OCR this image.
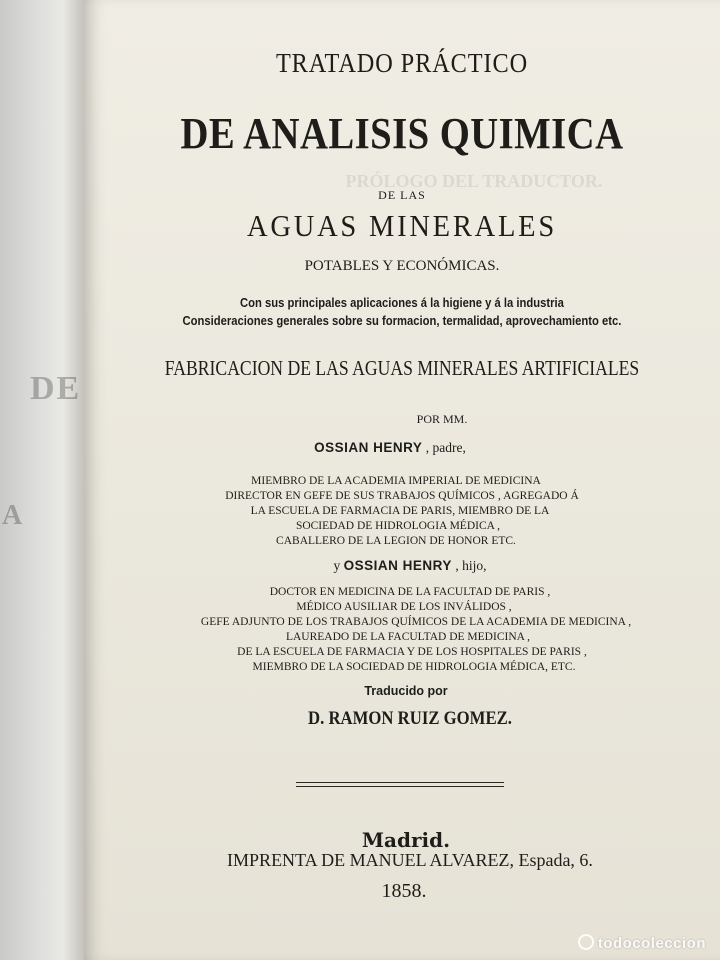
DE
A
PRÓLOGO DEL TRADUCTOR.
TRATADO PRÁCTICO
DE ANALISIS QUIMICA
DE LAS
AGUAS MINERALES
POTABLES Y ECONÓMICAS.
Con sus principales aplicaciones á la higiene y á la industria
Consideraciones generales sobre su formacion, termalidad, aprovechamiento etc.
FABRICACION DE LAS AGUAS MINERALES ARTIFICIALES
POR MM.
OSSIAN HENRY , padre,
MIEMBRO DE LA ACADEMIA IMPERIAL DE MEDICINA
DIRECTOR EN GEFE DE SUS TRABAJOS QUÍMICOS , AGREGADO Á
LA ESCUELA DE FARMACIA DE PARIS, MIEMBRO DE LA
SOCIEDAD DE HIDROLOGIA MÉDICA ,
CABALLERO DE LA LEGION DE HONOR ETC.
y OSSIAN HENRY , hijo,
DOCTOR EN MEDICINA DE LA FACULTAD DE PARIS ,
MÉDICO AUSILIAR DE LOS INVÁLIDOS ,
GEFE ADJUNTO DE LOS TRABAJOS QUÍMICOS DE LA ACADEMIA DE MEDICINA ,
LAUREADO DE LA FACULTAD DE MEDICINA ,
DE LA ESCUELA DE FARMACIA Y DE LOS HOSPITALES DE PARIS ,
MIEMBRO DE LA SOCIEDAD DE HIDROLOGIA MÉDICA, ETC.
Traducido por
D. RAMON RUIZ GOMEZ.
Madrid.
IMPRENTA DE MANUEL ALVAREZ, Espada, 6.
1858.
todocoleccion
